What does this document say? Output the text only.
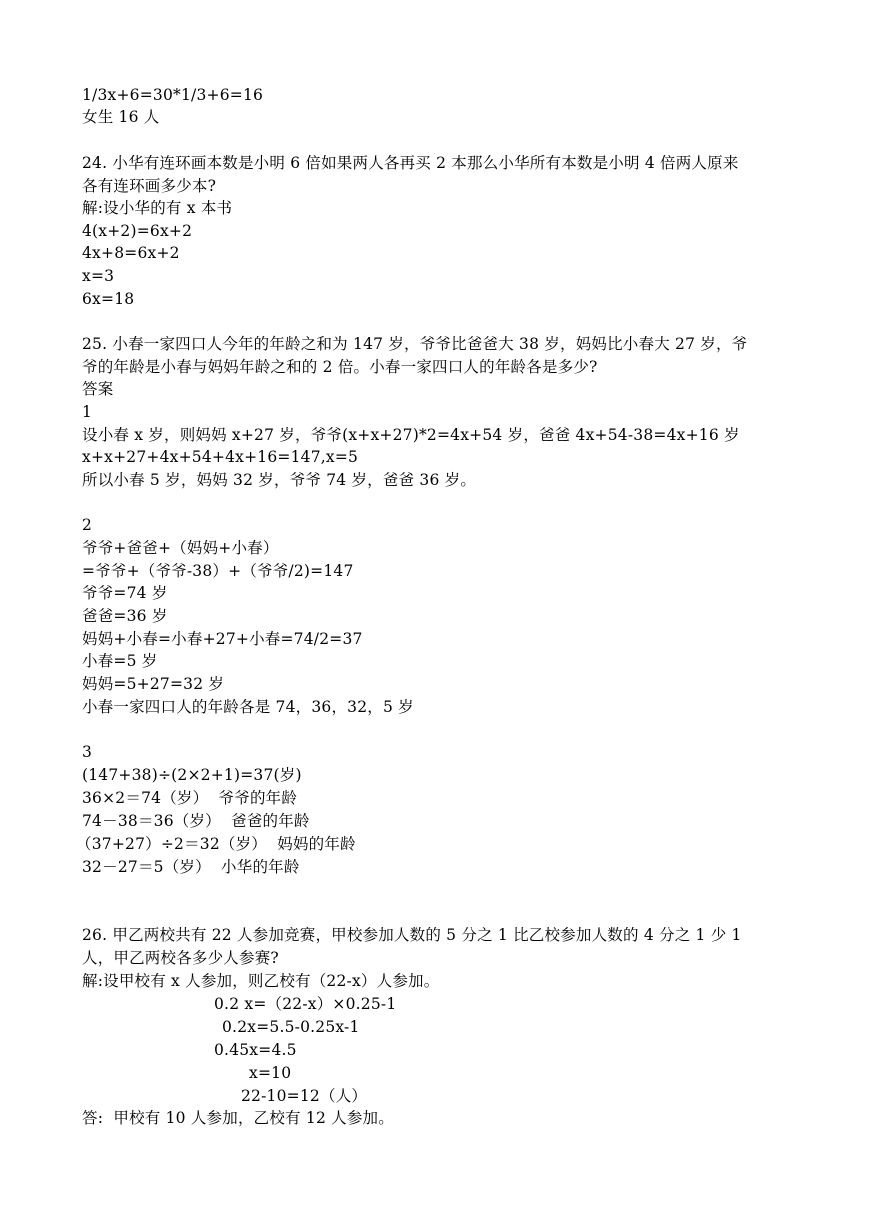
1/3x+6=30*1/3+6=16
女生 16 人
24. 小华有连环画本数是小明 6 倍如果两人各再买 2 本那么小华所有本数是小明 4 倍两人原来
各有连环画多少本?
解:设小华的有 x 本书
4(x+2)=6x+2
4x+8=6x+2
x=3
6x=18
25. 小春一家四口人今年的年龄之和为 147 岁，爷爷比爸爸大 38 岁，妈妈比小春大 27 岁，爷
爷的年龄是小春与妈妈年龄之和的 2 倍。小春一家四口人的年龄各是多少?
答案
1
设小春 x 岁，则妈妈 x+27 岁，爷爷(x+x+27)*2=4x+54 岁，爸爸 4x+54-38=4x+16 岁
x+x+27+4x+54+4x+16=147,x=5
所以小春 5 岁，妈妈 32 岁，爷爷 74 岁，爸爸 36 岁。
2
爷爷+爸爸+（妈妈+小春）
=爷爷+（爷爷-38）+（爷爷/2)=147
爷爷=74 岁
爸爸=36 岁
妈妈+小春=小春+27+小春=74/2=37
小春=5 岁
妈妈=5+27=32 岁
小春一家四口人的年龄各是 74，36，32，5 岁
3
(147+38)÷(2×2+1)=37(岁)
36×2＝74（岁）  爷爷的年龄
74－38＝36（岁）  爸爸的年龄
（37+27）÷2＝32（岁）  妈妈的年龄
32－27＝5（岁）  小华的年龄
26. 甲乙两校共有 22 人参加竞赛，甲校参加人数的 5 分之 1 比乙校参加人数的 4 分之 1 少 1
人，甲乙两校各多少人参赛?
解:设甲校有 x 人参加，则乙校有（22-x）人参加。
0.2 x=（22-x）×0.25-1
0.2x=5.5-0.25x-1
0.45x=4.5
x=10
22-10=12（人）
答:  甲校有 10 人参加，乙校有 12 人参加。
